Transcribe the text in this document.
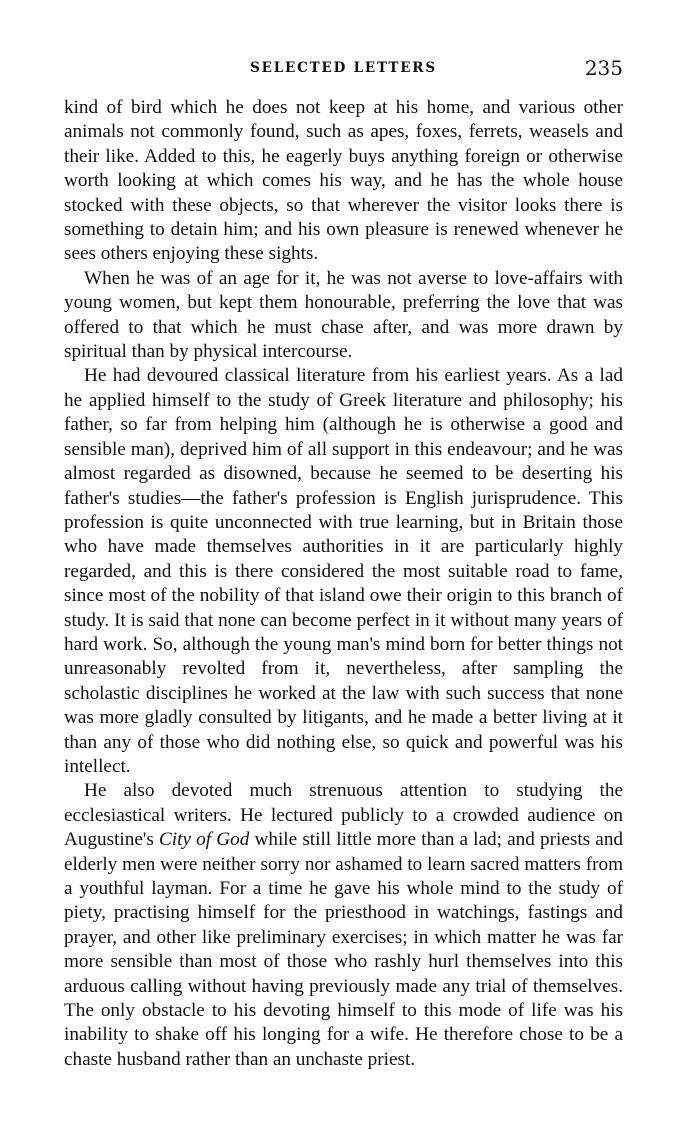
SELECTED LETTERS	235

kind of bird which he does not keep at his home, and various other animals not commonly found, such as apes, foxes, ferrets, weasels and their like. Added to this, he eagerly buys anything foreign or otherwise worth looking at which comes his way, and he has the whole house stocked with these objects, so that wherever the visitor looks there is something to detain him; and his own pleasure is renewed whenever he sees others enjoying these sights.

When he was of an age for it, he was not averse to love-affairs with young women, but kept them honourable, preferring the love that was offered to that which he must chase after, and was more drawn by spiritual than by physical intercourse.

He had devoured classical literature from his earliest years. As a lad he applied himself to the study of Greek literature and philosophy; his father, so far from helping him (although he is otherwise a good and sensible man), deprived him of all support in this endeavour; and he was almost regarded as disowned, because he seemed to be deserting his father's studies—the father's profession is English jurisprudence. This profession is quite unconnected with true learning, but in Britain those who have made themselves authorities in it are particularly highly regarded, and this is there considered the most suitable road to fame, since most of the nobility of that island owe their origin to this branch of study. It is said that none can become perfect in it without many years of hard work. So, although the young man's mind born for better things not unreasonably revolted from it, nevertheless, after sampling the scholastic disciplines he worked at the law with such success that none was more gladly consulted by litigants, and he made a better living at it than any of those who did nothing else, so quick and powerful was his intellect.

He also devoted much strenuous attention to studying the ecclesiastical writers. He lectured publicly to a crowded audience on Augustine's City of God while still little more than a lad; and priests and elderly men were neither sorry nor ashamed to learn sacred matters from a youthful layman. For a time he gave his whole mind to the study of piety, practising himself for the priesthood in watchings, fastings and prayer, and other like preliminary exercises; in which matter he was far more sensible than most of those who rashly hurl themselves into this arduous calling without having previously made any trial of themselves. The only obstacle to his devoting himself to this mode of life was his inability to shake off his longing for a wife. He therefore chose to be a chaste husband rather than an unchaste priest.
